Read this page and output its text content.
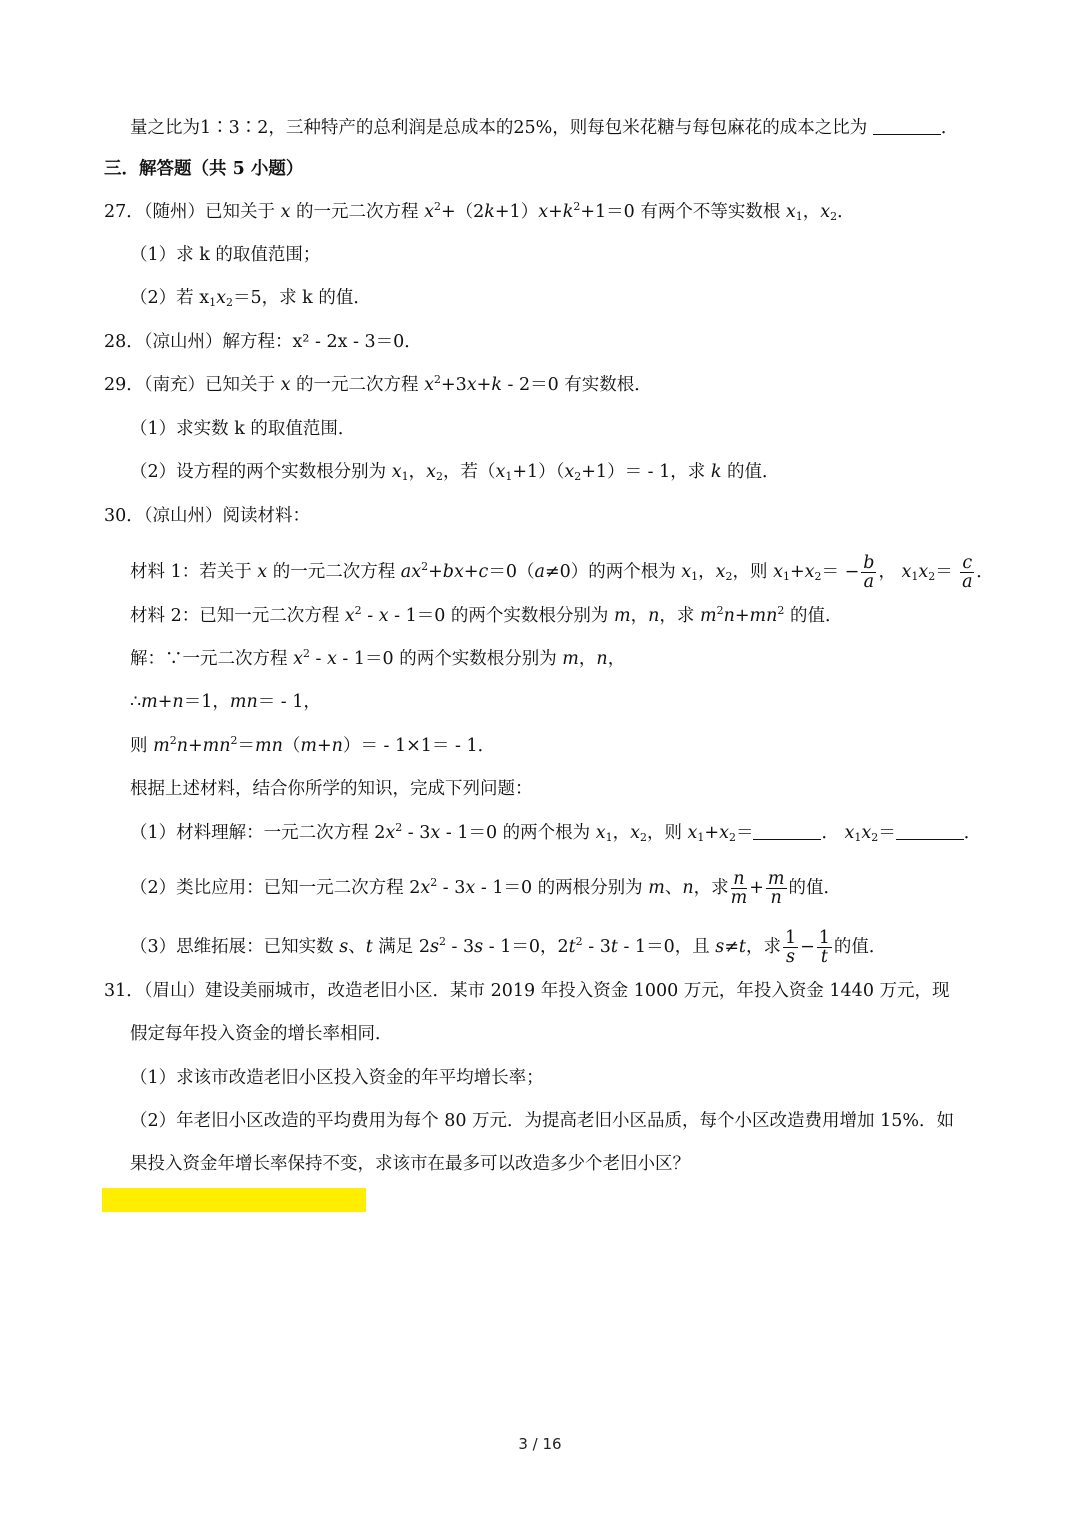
量之比为1∶3∶2，三种特产的总利润是总成本的25%，则每包米花糖与每包麻花的成本之比为	．
三．解答题（共 5 小题）
27．（随州）已知关于 x 的一元二次方程 $x^2+(2k+1)x+k^2+1=0$ 有两个不等实数根 $x_1$，$x_2$．
（1）求 k 的取值范围；
（2）若 $x_1x_2=5$，求 k 的值．
28．（凉山州）解方程：x² - 2x - 3＝0．
29．（南充）已知关于 x 的一元二次方程 $x^2+3x+k - 2=0$ 有实数根．
（1）求实数 k 的取值范围．
（2）设方程的两个实数根分别为 $x_1$，$x_2$，若$(x_1+1)(x_2+1)= - 1$，求 k 的值．
30．（凉山州）阅读材料：
材料 1：若关于 x 的一元二次方程 $ax^2+bx+c=0(a\ne 0)$的两个根为 $x_1$，$x_2$，则 $x_1+x_2= - \frac{b}{a}$ ， $x_1x_2= \frac{c}{a}$ ．
材料 2：已知一元二次方程 $x^2 - x - 1=0$ 的两个实数根分别为 m，n，求 $m^2n+mn^2$ 的值．
解：∵一元二次方程 $x^2 - x - 1=0$ 的两个实数根分别为 m，n，
∴m+n＝1，mn＝ - 1，
则 $m^2n+mn^2=mn(m+n)= - 1\times 1= - 1$．
根据上述材料，结合你所学的知识，完成下列问题：
（1）材料理解：一元二次方程 $2x^2 - 3x - 1=0$ 的两个根为 $x_1$，$x_2$，则 $x_1+x_2=$	． $x_1x_2=$	．
（2）类比应用：已知一元二次方程 $2x^2 - 3x - 1=0$ 的两根分别为 m、n，求 $\frac{n}{m} + \frac{m}{n}$ 的值．
（3）思维拓展：已知实数 s、t 满足 $2s^2 - 3s - 1=0$，$2t^2 - 3t - 1=0$，且 s≠t，求 $\frac{1}{s} - \frac{1}{t}$ 的值．
31．（眉山）建设美丽城市，改造老旧小区．某市 2019 年投入资金 1000 万元，年投入资金 1440 万元，现
假定每年投入资金的增长率相同．
（1）求该市改造老旧小区投入资金的年平均增长率；
（2）年老旧小区改造的平均费用为每个 80 万元．为提高老旧小区品质，每个小区改造费用增加 15%．如
果投入资金年增长率保持不变，求该市在最多可以改造多少个老旧小区？
3 / 16
